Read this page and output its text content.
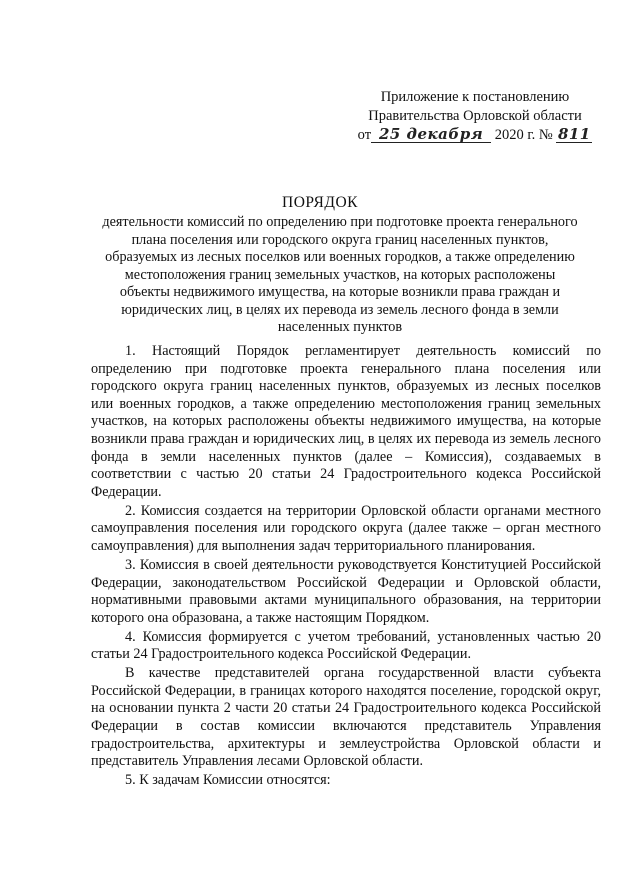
Приложение к постановлению
Правительства Орловской области
от 25 декабря 2020 г. № 811
ПОРЯДОК
деятельности комиссий по определению при подготовке проекта генерального плана поселения или городского округа границ населенных пунктов, образуемых из лесных поселков или военных городков, а также определению местоположения границ земельных участков, на которых расположены объекты недвижимого имущества, на которые возникли права граждан и юридических лиц, в целях их перевода из земель лесного фонда в земли населенных пунктов

1. Настоящий Порядок регламентирует деятельность комиссий по определению при подготовке проекта генерального плана поселения или городского округа границ населенных пунктов, образуемых из лесных поселков или военных городков, а также определению местоположения границ земельных участков, на которых расположены объекты недвижимого имущества, на которые возникли права граждан и юридических лиц, в целях их перевода из земель лесного фонда в земли населенных пунктов (далее – Комиссия), создаваемых в соответствии с частью 20 статьи 24 Градостроительного кодекса Российской Федерации.

2. Комиссия создается на территории Орловской области органами местного самоуправления поселения или городского округа (далее также – орган местного самоуправления) для выполнения задач территориального планирования.

3. Комиссия в своей деятельности руководствуется Конституцией Российской Федерации, законодательством Российской Федерации и Орловской области, нормативными правовыми актами муниципального образования, на территории которого она образована, а также настоящим Порядком.

4. Комиссия формируется с учетом требований, установленных частью 20 статьи 24 Градостроительного кодекса Российской Федерации.

В качестве представителей органа государственной власти субъекта Российской Федерации, в границах которого находятся поселение, городской округ, на основании пункта 2 части 20 статьи 24 Градостроительного кодекса Российской Федерации в состав комиссии включаются представитель Управления градостроительства, архитектуры и землеустройства Орловской области и представитель Управления лесами Орловской области.

5. К задачам Комиссии относятся:
